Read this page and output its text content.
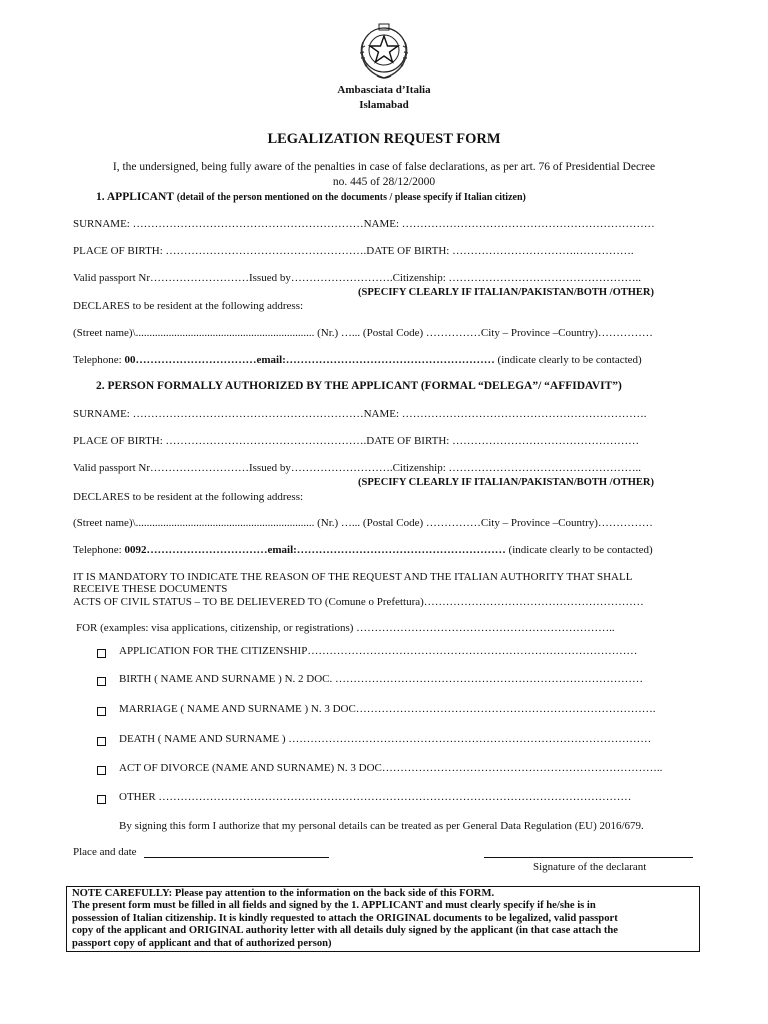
Ambasciata d’Italia
Islamabad
LEGALIZATION REQUEST FORM
I, the undersigned, being fully aware of the penalties in case of false declarations, as per art. 76 of Presidential Decree
no. 445 of 28/12/2000
1. APPLICANT (detail of the person mentioned on the documents / please specify if Italian citizen)
SURNAME: ………………………………………………………NAME: ……………………………………………………………
PLACE OF BIRTH: ……………………………………………….DATE OF BIRTH: …………………………….…………….
Valid passport Nr………………………Issued by……………………….Citizenship: ……………………………………………..
(SPECIFY CLEARLY IF ITALIAN/PAKISTAN/BOTH /OTHER)
DECLARES to be resident at the following address:
(Street name)\................................................................. (Nr.) …... (Postal Code) ……………City – Province –Country)……………
Telephone: 00……………………………email:………………………………………………… (indicate clearly to be contacted)
2. PERSON FORMALLY AUTHORIZED BY THE APPLICANT (FORMAL “DELEGA”/ “AFFIDAVIT”)
SURNAME: ………………………………………………………NAME: ………………………………………………………….
PLACE OF BIRTH: ……………………………………………….DATE OF BIRTH: ……………………………………………
Valid passport Nr………………………Issued by……………………….Citizenship: ……………………………………………..
(SPECIFY CLEARLY IF ITALIAN/PAKISTAN/BOTH /OTHER)
DECLARES to be resident at the following address:
(Street name)\................................................................. (Nr.) …... (Postal Code) ……………City – Province –Country)……………
Telephone: 0092……………………………email:………………………………………………… (indicate clearly to be contacted)
IT IS MANDATORY TO INDICATE THE REASON OF THE REQUEST AND THE ITALIAN AUTHORITY THAT SHALL
RECEIVE THESE DOCUMENTS
ACTS OF CIVIL STATUS – TO BE DELIEVERED TO (Comune o Prefettura)……………………………………………………
FOR (examples: visa applications, citizenship, or registrations) ……………………………………………………………..
APPLICATION FOR THE CITIZENSHIP………………………………………………………………………………
BIRTH ( NAME AND SURNAME ) N. 2 DOC. …………………………………………………………………………
MARRIAGE ( NAME AND SURNAME ) N. 3 DOC……………………………………………………………………….
DEATH ( NAME AND SURNAME ) ………………………………………………………………………………………
ACT OF DIVORCE (NAME AND SURNAME) N. 3 DOC…………………………………………………………………..
OTHER …………………………………………………………………………………………………………………
By signing this form I authorize that my personal details can be treated as per General Data Regulation (EU) 2016/679.
Place and date
Signature of the declarant
NOTE CAREFULLY: Please pay attention to the information on the back side of this FORM.
The present form must be filled in all fields and signed by the 1. APPLICANT and must clearly specify if he/she is in
possession of Italian citizenship. It is kindly requested to attach the ORIGINAL documents to be legalized, valid passport
copy of the applicant and ORIGINAL authority letter with all details duly signed by the applicant (in that case attach the
passport copy of applicant and that of authorized person)
